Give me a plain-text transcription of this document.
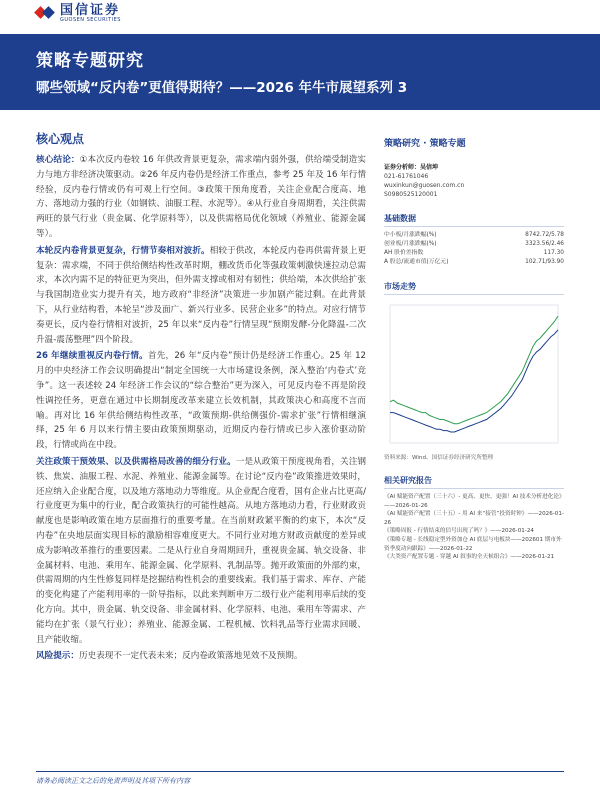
国信证券
GUOSEN SECURITIES
策略专题研究
哪些领域“反内卷”更值得期待？——2026 年牛市展望系列 3
核心观点
核心结论：①本次反内卷较 16 年供改背景更复杂，需求端内弱外强，供给端受制造实力与地方非经济决策驱动。②26 年反内卷仍是经济工作重点，参考 25 年及 16 年行情经验，反内卷行情或仍有可观上行空间。③政策干预角度看，关注企业配合度高、地方、落地动力强的行业（如钢铁、油服工程、水泥等）。④从行业自身周期看，关注供需两旺的景气行业（贵金属、化学原料等），以及供需格局优化领域（养殖业、能源金属等）。
本轮反内卷背景更复杂，行情节奏相对波折。相较于供改，本轮反内卷再供需背景上更复杂：需求端，不同于供给侧结构性改革时期，棚改货币化等强政策刺激快速拉动总需求，本次内需不足的特征更为突出，但外需支撑或相对有韧性；供给端，本次供给扩张与我国制造业实力提升有关，地方政府“非经济”决策进一步加剧产能过剩。在此背景下，从行业结构看，本轮呈“涉及面广、新兴行业多、民营企业多”的特点。对应行情节奏更长，反内卷行情相对波折，25 年以来“反内卷”行情呈现“预期发酵-分化降温-二次升温-震荡整理”四个阶段。
26 年继续重视反内卷行情。首先，26 年“反内卷”预计仍是经济工作重心。25 年 12 月的中央经济工作会议明确提出“制定全国统一大市场建设条例，深入整治‘内卷式’竞争”。这一表述较 24 年经济工作会议的“综合整治”更为深入，可见反内卷不再是阶段性调控任务，更意在通过中长期制度改革来建立长效机制，其政策决心和高度不言而喻。再对比 16 年供给侧结构性改革，“政策预期-供给侧强价-需求扩张”行情相继演绎，25 年 6 月以来行情主要由政策预期驱动，近期反内卷行情或已步入涨价驱动阶段，行情或尚在中段。
关注政策干预效果、以及供需格局改善的细分行业。一是从政策干预度视角看，关注钢铁、焦炭、油服工程、水泥、养殖业、能源金属等。在讨论“反内卷”政策推进效果时，还应纳入企业配合度，以及地方落地动力等维度。从企业配合度看，国有企业占比更高/行业度更为集中的行业，配合政策执行的可能性越高。从地方落地动力看，行业财政贡献度也是影响政策在地方层面推行的重要考量。在当前财政紧平衡的约束下，本次“反内卷”在央地层面实现目标的激励相容难度更大。不同行业对地方财政贡献度的差异或成为影响改革推行的重要因素。二是从行业自身周期回升，重视贵金属、轨交设备、非金属材料、电池、乘用车、能源金属、化学原料、乳制品等。抛开政策面的外部约束，供需周期的内生性修复同样是挖掘结构性机会的重要线索。我们基于需求、库存、产能的变化构建了产能利用率的一阶导指标，以此来判断申万二级行业产能利用率后续的变化方向。其中，贵金属、轨交设备、非金属材料、化学原料、电池、乘用车等需求、产能均在扩张（景气行业）；养殖业、能源金属、工程机械、饮料乳品等行业需求回暖、且产能收缩。
风险提示：历史表现不一定代表未来；反内卷政策落地见效不及预期。
策略研究 · 策略专题
证券分析师：吴信坤
021-61761046
wuxinkun@guosen.com.cn
S0980525120001
基础数据
中小板/月涨跌幅(%)	8742.72/5.78
创业板/月涨跌幅(%)	3323.56/2.46
AH 股价差指数	117.30
A 股总/流通市值(万亿元)	102.71/93.90
市场走势
资料来源：Wind、国信证券经济研究所整理
相关研究报告
《AI 赋能资产配置（三十六）- 更高、更快、更强！AI 技术分析进化论》——2026-01-26
《AI 赋能资产配置（三十五）- 用 AI 来“接管”投资时钟》——2026-01-26
《策略周报 - 行情结束的信号出现了吗？》——2026-01-24
《策略专题 - 长线稳定型外资加仓 AI 底层与电板块——202601 期市外资季度动向跟踪》——2026-01-22
《大类资产配置专题 - 穿越 AI 叙事的全天候组合》——2026-01-21
请务必阅读正文之后的免责声明及其项下所有内容
